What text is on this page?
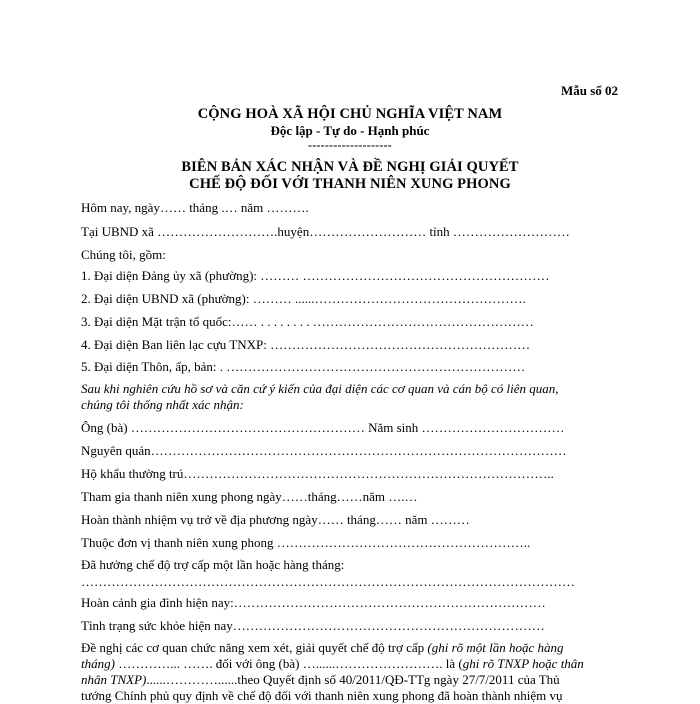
Mẫu số 02
CỘNG HOÀ XÃ HỘI CHỦ NGHĨA VIỆT NAM
Độc lập - Tự do - Hạnh phúc
--------------------
BIÊN BẢN XÁC NHẬN VÀ ĐỀ NGHỊ GIẢI QUYẾT
CHẾ ĐỘ ĐỐI VỚI THANH NIÊN XUNG PHONG
Hôm nay, ngày…… tháng .… năm ……….
Tại UBND xã ……………………….huyện……………………… tỉnh ………………………
Chúng tôi, gồm:
1. Đại diện Đảng ủy xã (phường): ……… …………………………………………………
2. Đại diện UBND xã (phường): ……… ......………………………………………….
3. Đại diện Mặt trận tổ quốc:…… . . . . . . . . ……………………………………………
4. Đại diện Ban liên lạc cựu TNXP: ……………………………………………………
5. Đại diện Thôn, ấp, bản: . ……………………………………………………………
Sau khi nghiên cứu hồ sơ và căn cứ ý kiến của đại diện các cơ quan và cán bộ có liên quan,
chúng tôi thống nhất xác nhận:
Ông (bà) ……………………………………………… Năm sinh ……………………………
Nguyên quán……………………………………………………………………………………
Hộ khẩu thường trú…………………………………………………………………………..
Tham gia thanh niên xung phong ngày……tháng……năm ….…
Hoàn thành nhiệm vụ trở về địa phương ngày…… tháng…… năm ………
Thuộc đơn vị thanh niên xung phong …………………………………………………..
Đã hưởng chế độ trợ cấp một lần hoặc hàng tháng:
……………………………………………………………………………………………………
Hoàn cảnh gia đình hiện nay:………………………………………………………………
Tình trạng sức khỏe hiện nay………………………………………………………………
Đề nghị các cơ quan chức năng xem xét, giải quyết chế độ trợ cấp (ghi rõ một lần hoặc hàng
tháng) …………... ……. đối với ông (bà) …......……………………. là (ghi rõ TNXP hoặc thân
nhân TNXP)......…………......theo Quyết định số 40/2011/QĐ-TTg ngày 27/7/2011 của Thủ
tướng Chính phủ quy định về chế độ đối với thanh niên xung phong đã hoàn thành nhiệm vụ
